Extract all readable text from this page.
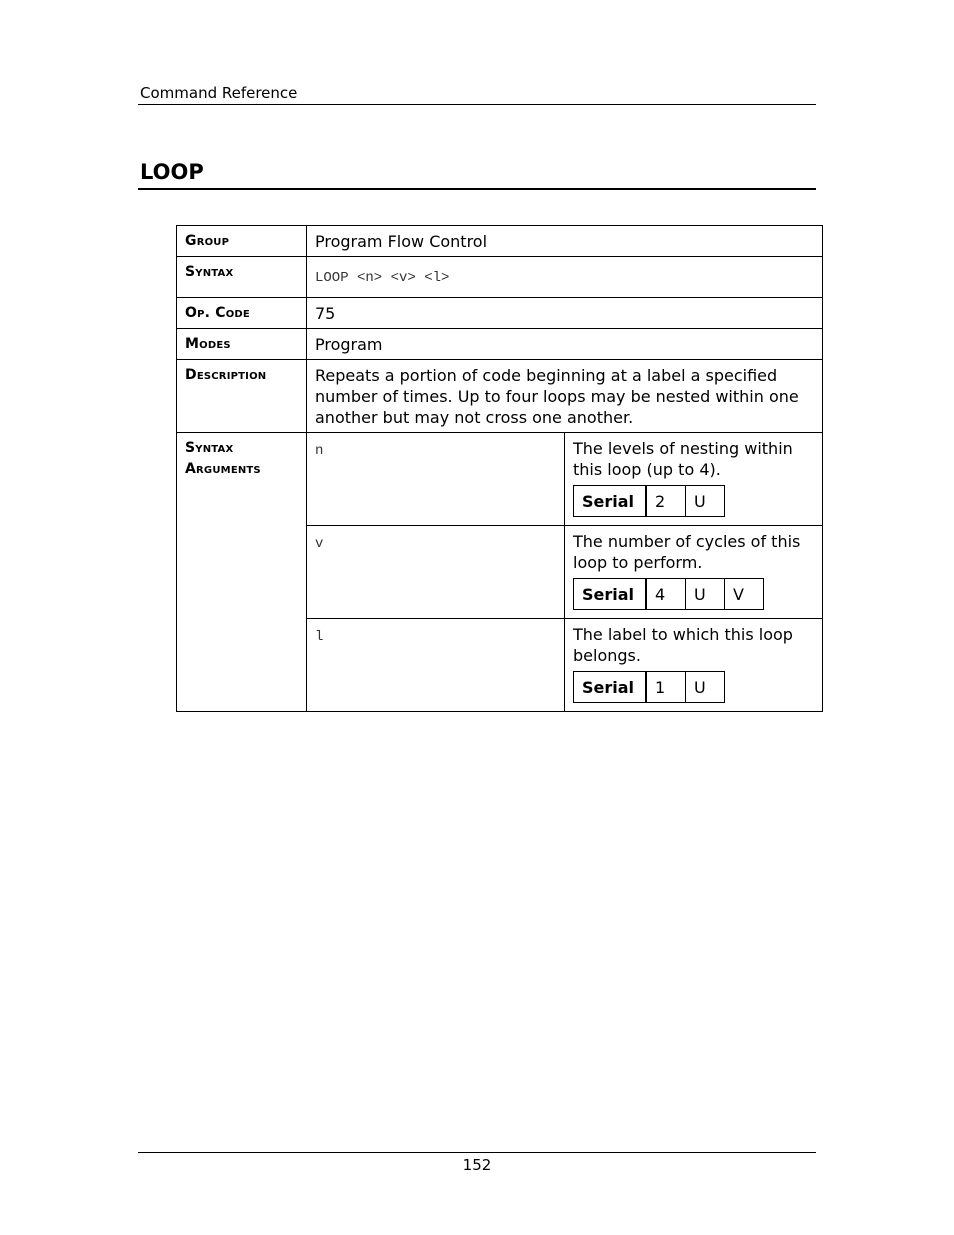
Command Reference
LOOP
Group	Program Flow Control
Syntax	LOOP <n> <v> <l>
Op. Code	75
Modes	Program
Description	Repeats a portion of code beginning at a label a specified number of times. Up to four loops may be nested within one another but may not cross one another.

Syntax
Arguments
	n	The levels of nesting within this loop (up to 4).
Serial	2	U

v	The number of cycles of this loop to perform.
Serial	4	U	V

l	The label to which this loop belongs.
Serial	1	U
152
